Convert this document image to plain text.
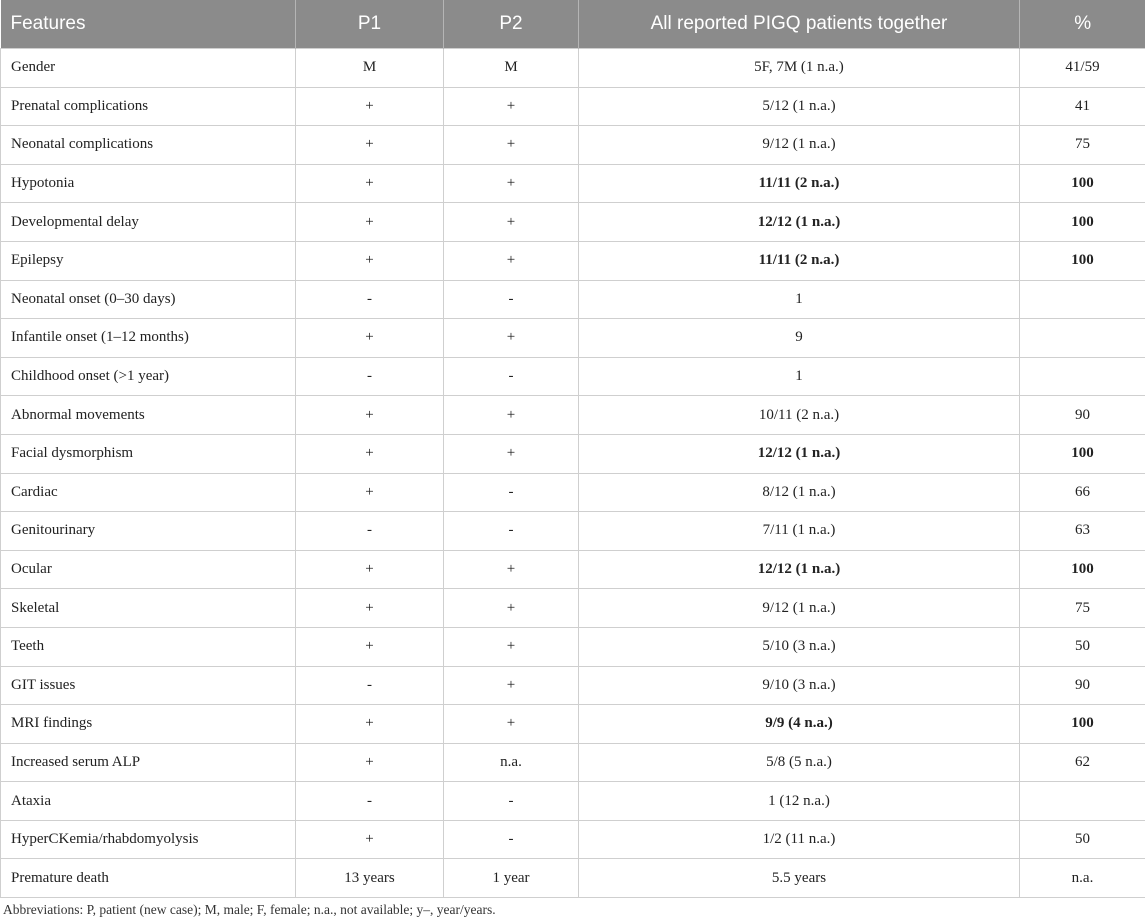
Features	P1	P2	All reported PIGQ patients together	%
Gender	M	M	5F, 7M (1 n.a.)	41/59
Prenatal complications	+	+	5/12 (1 n.a.)	41
Neonatal complications	+	+	9/12 (1 n.a.)	75
Hypotonia	+	+	11/11 (2 n.a.)	100
Developmental delay	+	+	12/12 (1 n.a.)	100
Epilepsy	+	+	11/11 (2 n.a.)	100
Neonatal onset (0–30 days)	-	-	1	
Infantile onset (1–12 months)	+	+	9	
Childhood onset (>1 year)	-	-	1	
Abnormal movements	+	+	10/11 (2 n.a.)	90
Facial dysmorphism	+	+	12/12 (1 n.a.)	100
Cardiac	+	-	8/12 (1 n.a.)	66
Genitourinary	-	-	7/11 (1 n.a.)	63
Ocular	+	+	12/12 (1 n.a.)	100
Skeletal	+	+	9/12 (1 n.a.)	75
Teeth	+	+	5/10 (3 n.a.)	50
GIT issues	-	+	9/10 (3 n.a.)	90
MRI findings	+	+	9/9 (4 n.a.)	100
Increased serum ALP	+	n.a.	5/8 (5 n.a.)	62
Ataxia	-	-	1 (12 n.a.)	
HyperCKemia/rhabdomyolysis	+	-	1/2 (11 n.a.)	50
Premature death	13 years	1 year	5.5 years	n.a.
Abbreviations: P, patient (new case); M, male; F, female; n.a., not available; y–, year/years.
